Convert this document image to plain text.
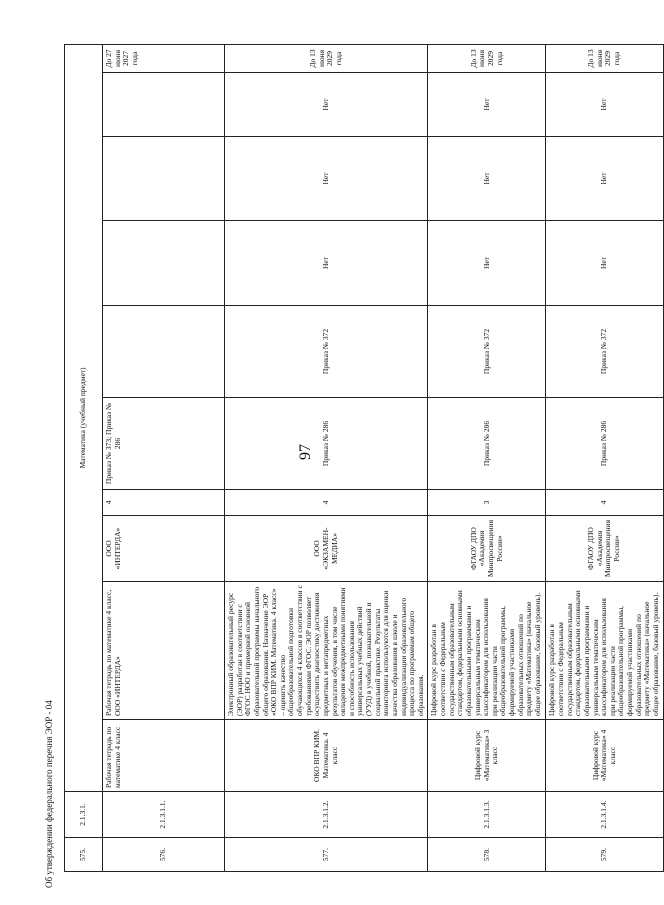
97
Об утверждении федерального перечня ЭОР - 04	575.	2.1.3.1.	Математика (учебный предмет)									
576.	2.1.3.1.1.	Рабочая тетрадь по математике 4 класс	Рабочая тетрадь по математике 4 класс, ООО «ИНТЕРДА»	ООО «ИНТЕРДА»	4	Приказ № 373; Приказ № 286					До 27 июня 2027 года
577.	2.1.3.1.2.	ОКО ВПР КИМ. Математика. 4 класс	Электронный образовательный ресурс (ЭОР) разработан в соответствии с ФГОС НОО и примерной основной образовательной программы начального общего образования. Назначение ЭОР «ОКО ВПР КИМ. Математика. 4 класс» – оценить качество общеобразовательной подготовки обучающихся 4 классов в соответствии с требованиями ФГОС. ЭОР позволяет осуществить диагностику достижения предметных и метапредметных результатов обучения, в том числе овладения межпредметными понятиями и способность использования универсальных учебных действий (УУД) в учебной, познавательной и социальной практике. Результаты мониторинга используются для оценки качества образования в школе и индивидуализации образовательного процесса по программам общего образования.	ООО «ЭКЗАМЕН-МЕДИА»	4	Приказ № 286	Приказ № 372	Нет	Нет	Нет	До 13 июня 2029 года
578.	2.1.3.1.3.	Цифровой курс «Математика» 3 класс	Цифровой курс разработан в соответствии с Федеральным государственным образовательным стандартом, федеральными основными образовательными программами и универсальным тематическим классификатором для использования при реализации части общеобразовательной программы, формируемой участниками образовательных отношений по предмету «Математика» (начальное общее образование, базовый уровень).	ФГАОУ ДПО «Академия Минпросвещения России»	3	Приказ № 286	Приказ № 372	Нет	Нет	Нет	До 13 июня 2029 года
579.	2.1.3.1.4.	Цифровой курс «Математика» 4 класс	Цифровой курс разработан в соответствии с Федеральным государственным образовательным стандартом, федеральными основными образовательными программами и универсальным тематическим классификатором для использования при реализации части общеобразовательной программы, формируемой участниками образовательных отношений по предмету «Математика» (начальное общее образование, базовый уровень).	ФГАОУ ДПО «Академия Минпросвещения России»	4	Приказ № 286	Приказ № 372	Нет	Нет	Нет	До 13 июня 2029 года
